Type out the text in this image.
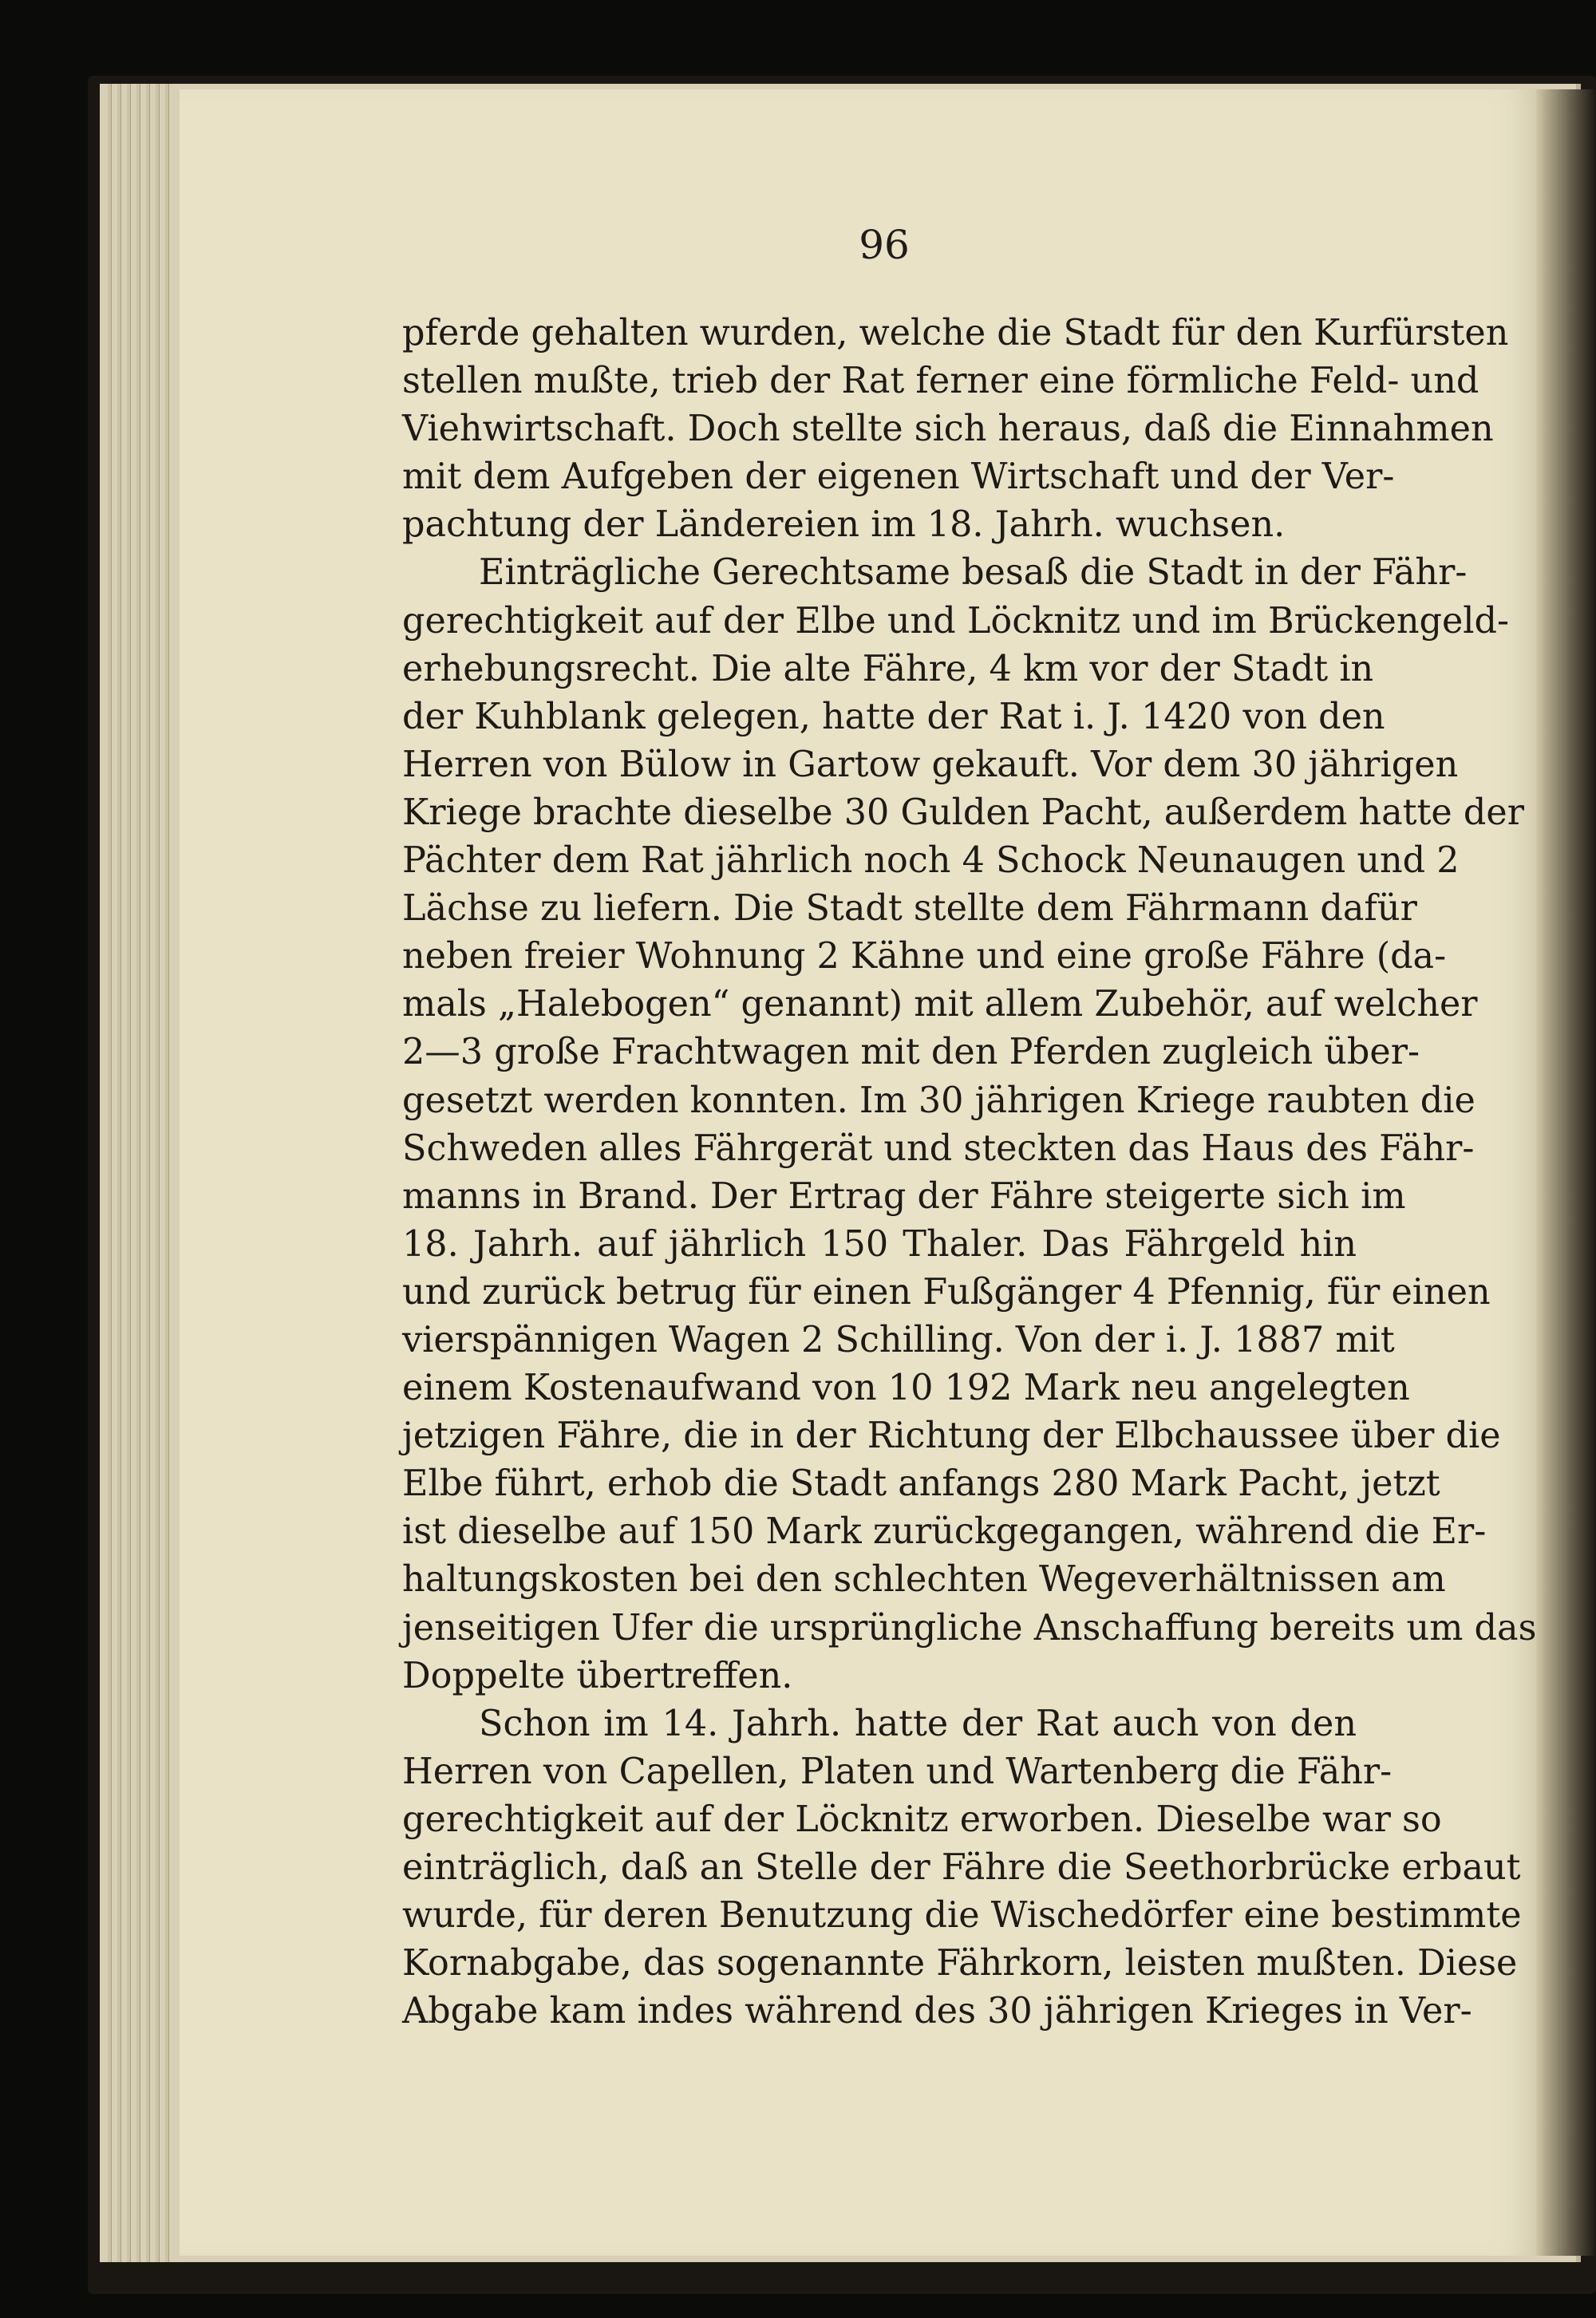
96
pferde gehalten wurden, welche die Stadt für den Kurfürsten
stellen mußte, trieb der Rat ferner eine förmliche Feld- und
Viehwirtschaft. Doch stellte sich heraus, daß die Einnahmen
mit dem Aufgeben der eigenen Wirtschaft und der Ver-
pachtung der Ländereien im 18. Jahrh. wuchsen.
Einträgliche Gerechtsame besaß die Stadt in der Fähr-
gerechtigkeit auf der Elbe und Löcknitz und im Brückengeld-
erhebungsrecht. Die alte Fähre, 4 km vor der Stadt in
der Kuhblank gelegen, hatte der Rat i. J. 1420 von den
Herren von Bülow in Gartow gekauft. Vor dem 30 jährigen
Kriege brachte dieselbe 30 Gulden Pacht, außerdem hatte der
Pächter dem Rat jährlich noch 4 Schock Neunaugen und 2
Lächse zu liefern. Die Stadt stellte dem Fährmann dafür
neben freier Wohnung 2 Kähne und eine große Fähre (da-
mals „Halebogen“ genannt) mit allem Zubehör, auf welcher
2—3 große Frachtwagen mit den Pferden zugleich über-
gesetzt werden konnten. Im 30 jährigen Kriege raubten die
Schweden alles Fährgerät und steckten das Haus des Fähr-
manns in Brand. Der Ertrag der Fähre steigerte sich im
18. Jahrh. auf jährlich 150 Thaler. Das Fährgeld hin
und zurück betrug für einen Fußgänger 4 Pfennig, für einen
vierspännigen Wagen 2 Schilling. Von der i. J. 1887 mit
einem Kostenaufwand von 10 192 Mark neu angelegten
jetzigen Fähre, die in der Richtung der Elbchaussee über die
Elbe führt, erhob die Stadt anfangs 280 Mark Pacht, jetzt
ist dieselbe auf 150 Mark zurückgegangen, während die Er-
haltungskosten bei den schlechten Wegeverhältnissen am
jenseitigen Ufer die ursprüngliche Anschaffung bereits um das
Doppelte übertreffen.
Schon im 14. Jahrh. hatte der Rat auch von den
Herren von Capellen, Platen und Wartenberg die Fähr-
gerechtigkeit auf der Löcknitz erworben. Dieselbe war so
einträglich, daß an Stelle der Fähre die Seethorbrücke erbaut
wurde, für deren Benutzung die Wischedörfer eine bestimmte
Kornabgabe, das sogenannte Fährkorn, leisten mußten. Diese
Abgabe kam indes während des 30 jährigen Krieges in Ver-
